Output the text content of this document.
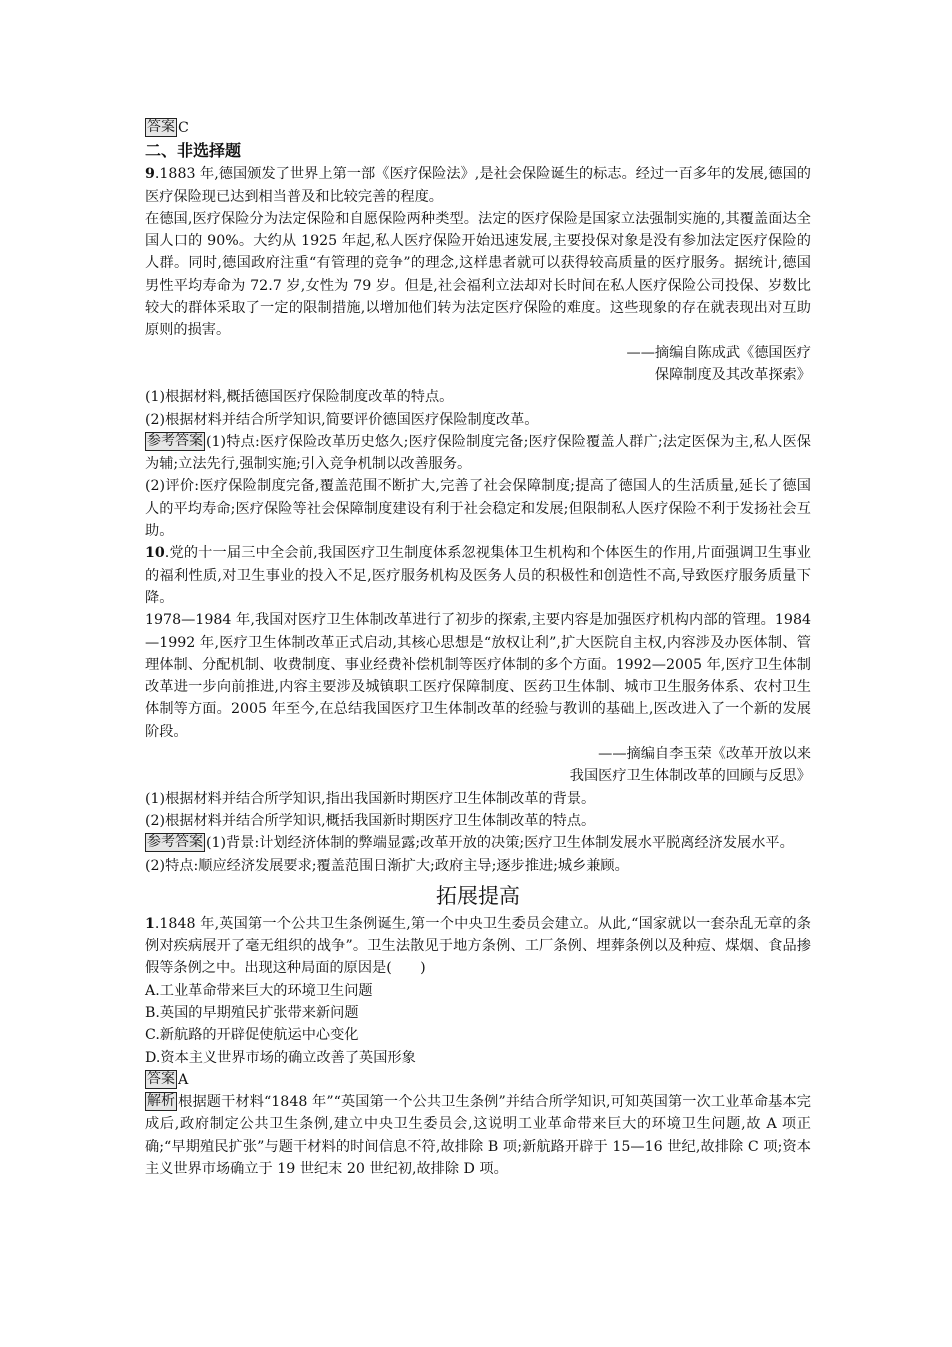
答案 C

二、非选择题

9.1883 年,德国颁发了世界上第一部《医疗保险法》,是社会保险诞生的标志。经过一百多年的发展,德国的医疗保险现已达到相当普及和比较完善的程度。

在德国,医疗保险分为法定保险和自愿保险两种类型。法定的医疗保险是国家立法强制实施的,其覆盖面达全国人口的 90%。大约从 1925 年起,私人医疗保险开始迅速发展,主要投保对象是没有参加法定医疗保险的人群。同时,德国政府注重“有管理的竞争”的理念,这样患者就可以获得较高质量的医疗服务。据统计,德国男性平均寿命为 72.7 岁,女性为 79 岁。但是,社会福利立法却对长时间在私人医疗保险公司投保、岁数比较大的群体采取了一定的限制措施,以增加他们转为法定医疗保险的难度。这些现象的存在就表现出对互助原则的损害。

——摘编自陈成武《德国医疗

保障制度及其改革探索》

(1)根据材料,概括德国医疗保险制度改革的特点。

(2)根据材料并结合所学知识,简要评价德国医疗保险制度改革。

参考答案 (1)特点:医疗保险改革历史悠久;医疗保险制度完备;医疗保险覆盖人群广;法定医保为主,私人医保为辅;立法先行,强制实施;引入竞争机制以改善服务。

(2)评价:医疗保险制度完备,覆盖范围不断扩大,完善了社会保障制度;提高了德国人的生活质量,延长了德国人的平均寿命;医疗保险等社会保障制度建设有利于社会稳定和发展;但限制私人医疗保险不利于发扬社会互助。

10.党的十一届三中全会前,我国医疗卫生制度体系忽视集体卫生机构和个体医生的作用,片面强调卫生事业的福利性质,对卫生事业的投入不足,医疗服务机构及医务人员的积极性和创造性不高,导致医疗服务质量下降。

1978—1984 年,我国对医疗卫生体制改革进行了初步的探索,主要内容是加强医疗机构内部的管理。1984—1992 年,医疗卫生体制改革正式启动,其核心思想是“放权让利”,扩大医院自主权,内容涉及办医体制、管理体制、分配机制、收费制度、事业经费补偿机制等医疗体制的多个方面。1992—2005 年,医疗卫生体制改革进一步向前推进,内容主要涉及城镇职工医疗保障制度、医药卫生体制、城市卫生服务体系、农村卫生体制等方面。2005 年至今,在总结我国医疗卫生体制改革的经验与教训的基础上,医改进入了一个新的发展阶段。

——摘编自李玉荣《改革开放以来

我国医疗卫生体制改革的回顾与反思》

(1)根据材料并结合所学知识,指出我国新时期医疗卫生体制改革的背景。

(2)根据材料并结合所学知识,概括我国新时期医疗卫生体制改革的特点。

参考答案 (1)背景:计划经济体制的弊端显露;改革开放的决策;医疗卫生体制发展水平脱离经济发展水平。

(2)特点:顺应经济发展要求;覆盖范围日渐扩大;政府主导;逐步推进;城乡兼顾。

拓展提高

1.1848 年,英国第一个公共卫生条例诞生,第一个中央卫生委员会建立。从此,“国家就以一套杂乱无章的条例对疾病展开了毫无组织的战争”。卫生法散见于地方条例、工厂条例、埋葬条例以及种痘、煤烟、食品掺假等条例之中。出现这种局面的原因是(　　)

A.工业革命带来巨大的环境卫生问题

B.英国的早期殖民扩张带来新问题

C.新航路的开辟促使航运中心变化

D.资本主义世界市场的确立改善了英国形象

答案 A

解析 根据题干材料“1848 年”“英国第一个公共卫生条例”并结合所学知识,可知英国第一次工业革命基本完成后,政府制定公共卫生条例,建立中央卫生委员会,这说明工业革命带来巨大的环境卫生问题,故 A 项正确;“早期殖民扩张”与题干材料的时间信息不符,故排除 B 项;新航路开辟于 15—16 世纪,故排除 C 项;资本主义世界市场确立于 19 世纪末 20 世纪初,故排除 D 项。
